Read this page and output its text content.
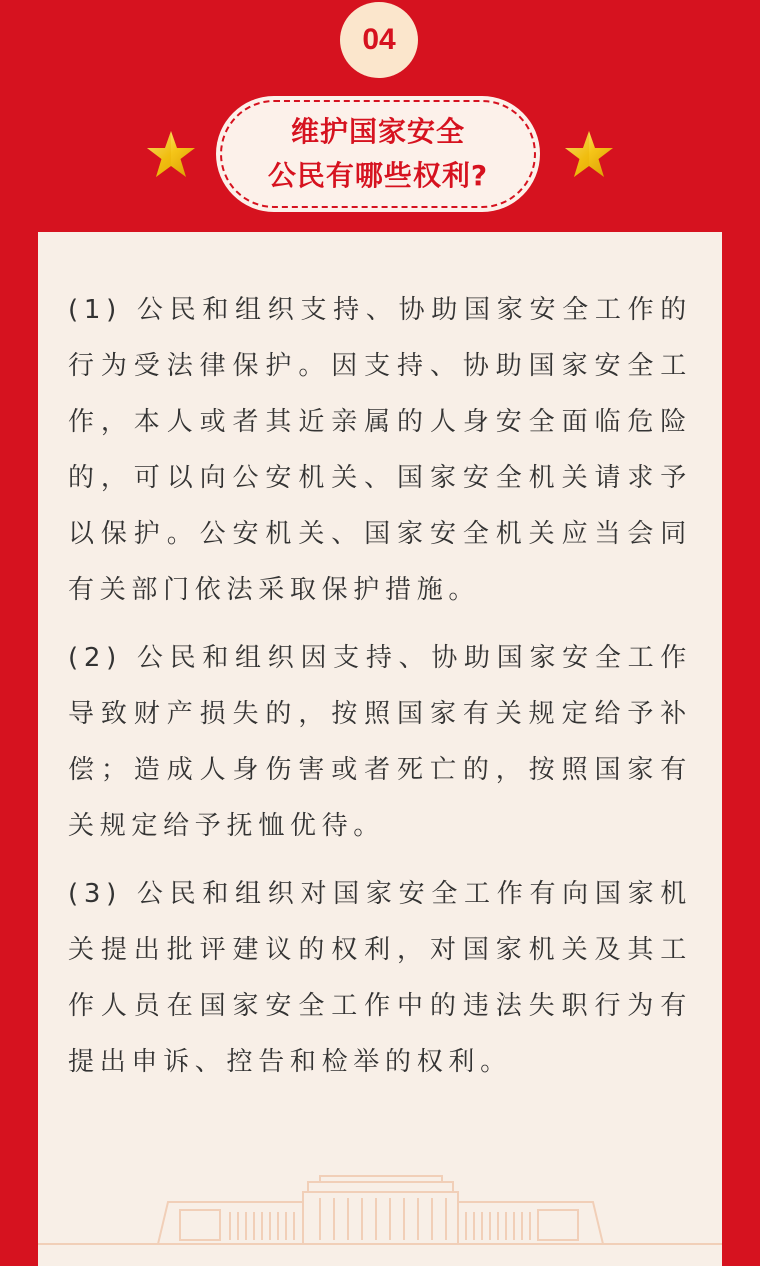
04
维护国家安全
公民有哪些权利?

(1) 公民和组织支持、协助国家安全工作的行为受法律保护。因支持、协助国家安全工作，本人或者其近亲属的人身安全面临危险的，可以向公安机关、国家安全机关请求予以保护。公安机关、国家安全机关应当会同有关部门依法采取保护措施。

(2) 公民和组织因支持、协助国家安全工作导致财产损失的，按照国家有关规定给予补偿；造成人身伤害或者死亡的，按照国家有关规定给予抚恤优待。

(3) 公民和组织对国家安全工作有向国家机关提出批评建议的权利，对国家机关及其工作人员在国家安全工作中的违法失职行为有提出申诉、控告和检举的权利。
